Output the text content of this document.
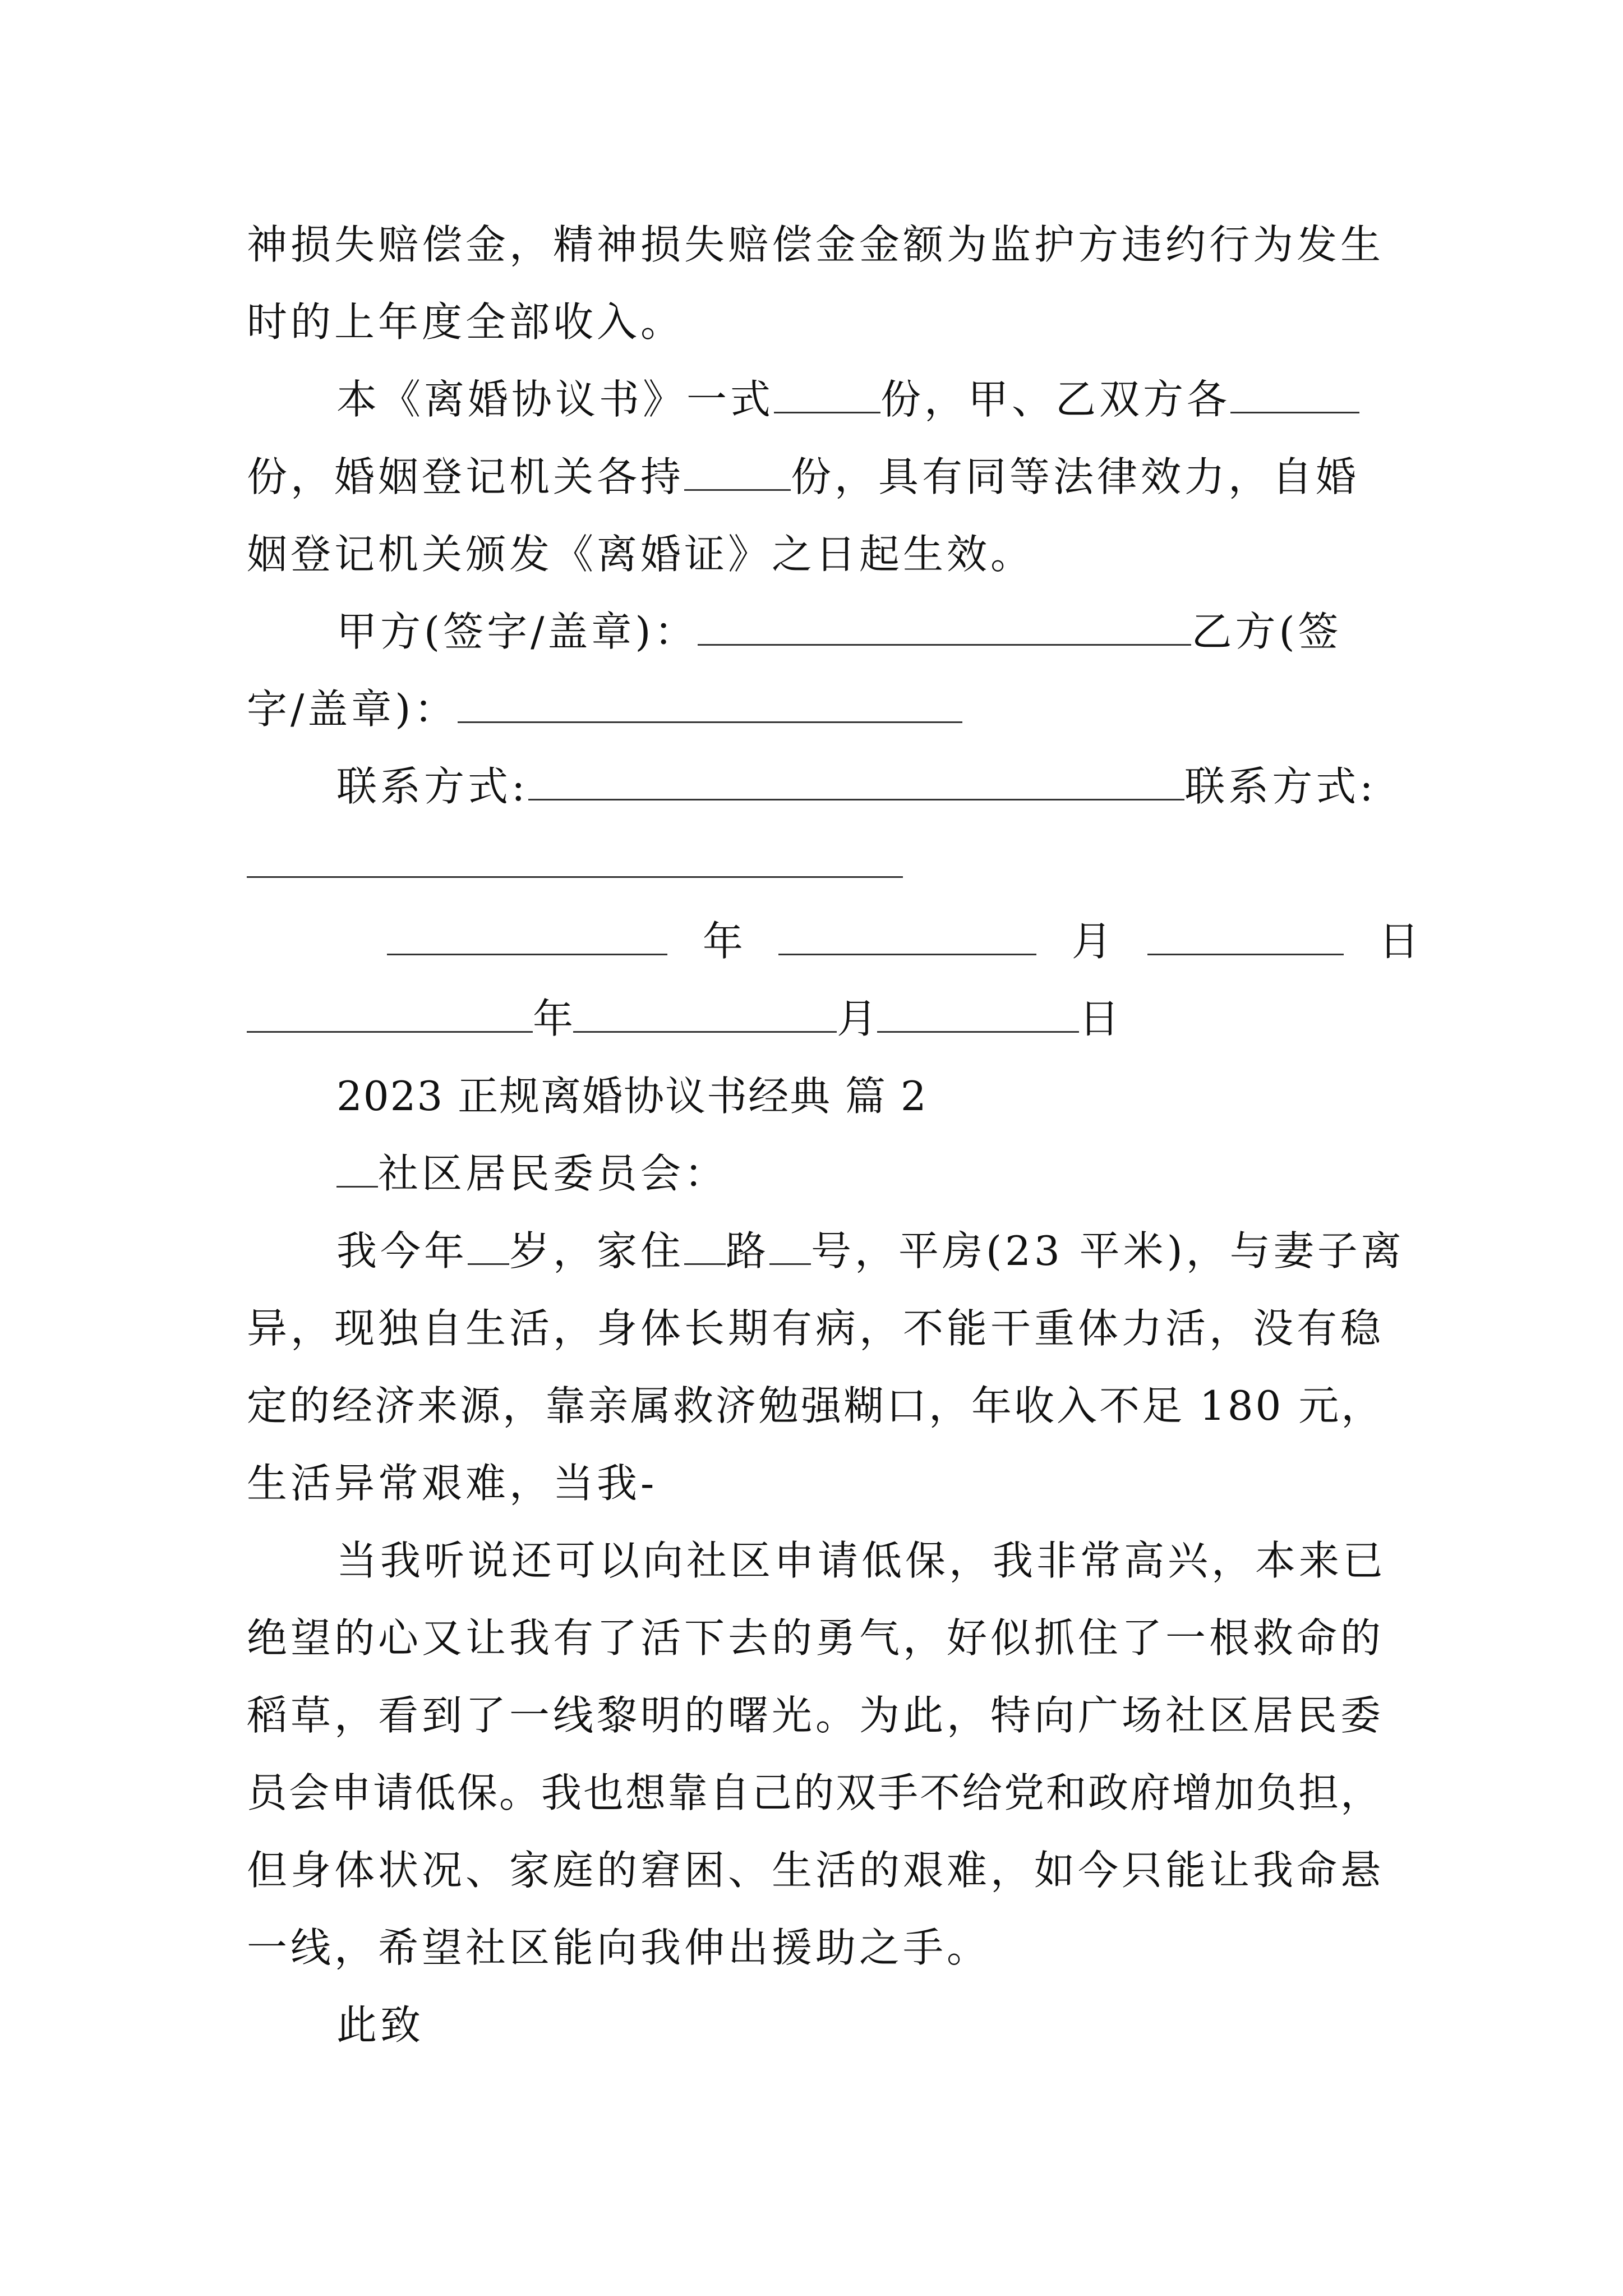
神损失赔偿金，精神损失赔偿金金额为监护方违约行为发生
时的上年度全部收入。
本《离婚协议书》一式	份，甲、乙双方各
份，婚姻登记机关各持	份，具有同等法律效力，自婚
姻登记机关颁发《离婚证》之日起生效。
甲方(签字/盖章)：	乙方(签
字/盖章)：
联系方式:	联系方式:
年	月	日
年	月	日
2023 正规离婚协议书经典 篇 2
社区居民委员会：
我今年 岁，家住 路 号，平房(23 平米)，与妻子离
异，现独自生活，身体长期有病，不能干重体力活，没有稳
定的经济来源，靠亲属救济勉强糊口，年收入不足 180 元，
生活异常艰难，当我-
当我听说还可以向社区申请低保，我非常高兴，本来已
绝望的心又让我有了活下去的勇气，好似抓住了一根救命的
稻草，看到了一线黎明的曙光。为此，特向广场社区居民委
员会申请低保。我也想靠自己的双手不给党和政府增加负担，
但身体状况、家庭的窘困、生活的艰难，如今只能让我命悬
一线，希望社区能向我伸出援助之手。
此致
